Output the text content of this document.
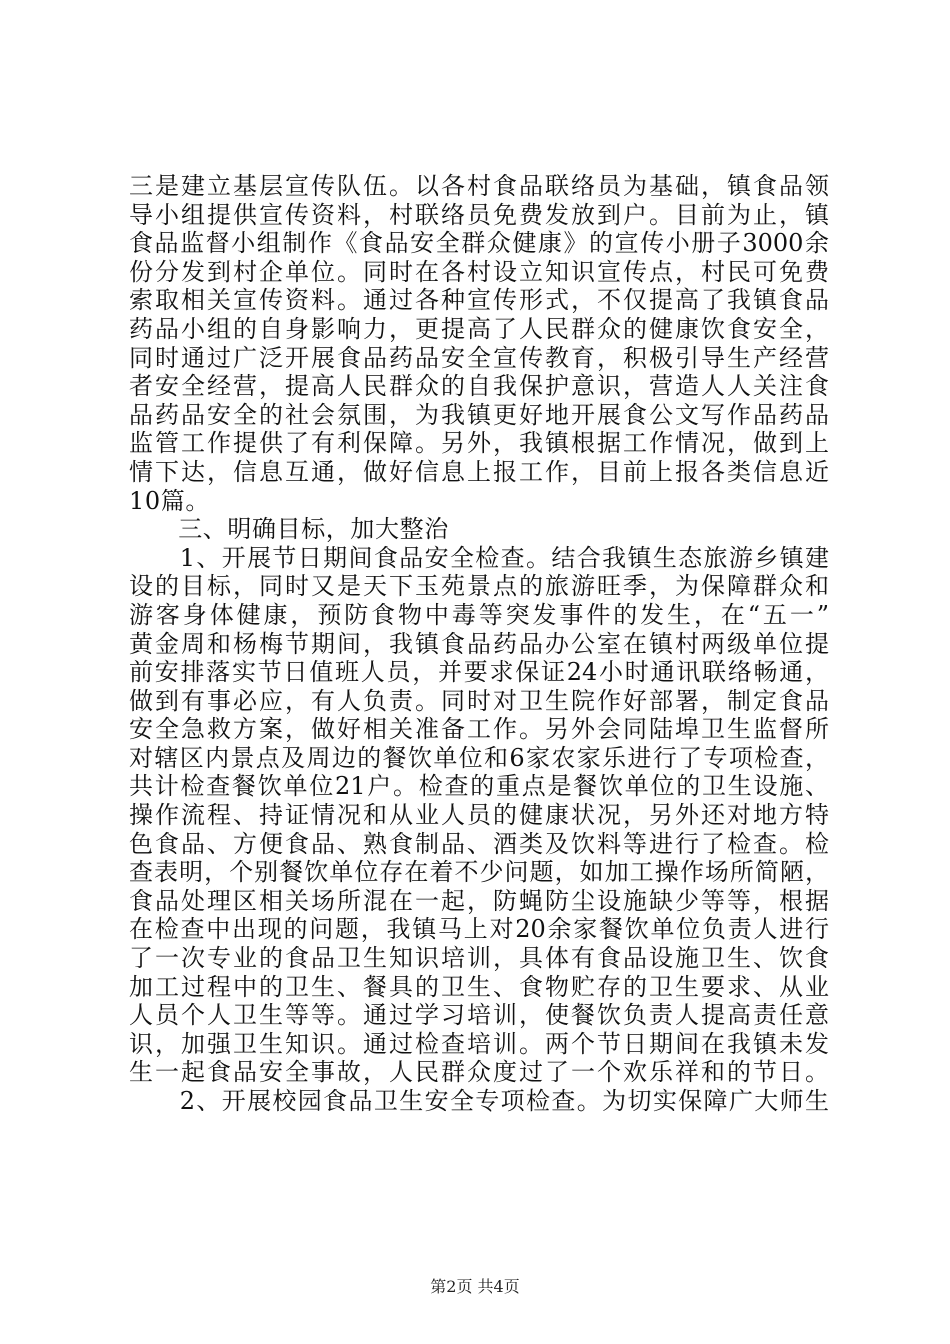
三是建立基层宣传队伍。以各村食品联络员为基础，镇食品领
导小组提供宣传资料，村联络员免费发放到户。目前为止，镇
食品监督小组制作《食品安全群众健康》的宣传小册子3000余
份分发到村企单位。同时在各村设立知识宣传点，村民可免费
索取相关宣传资料。通过各种宣传形式，不仅提高了我镇食品
药品小组的自身影响力，更提高了人民群众的健康饮食安全，
同时通过广泛开展食品药品安全宣传教育，积极引导生产经营
者安全经营，提高人民群众的自我保护意识，营造人人关注食
品药品安全的社会氛围，为我镇更好地开展食公文写作品药品
监管工作提供了有利保障。另外，我镇根据工作情况，做到上
情下达，信息互通，做好信息上报工作，目前上报各类信息近
10篇。
　　三、明确目标，加大整治
　　1、开展节日期间食品安全检查。结合我镇生态旅游乡镇建
设的目标，同时又是天下玉苑景点的旅游旺季，为保障群众和
游客身体健康，预防食物中毒等突发事件的发生，在“五一”
黄金周和杨梅节期间，我镇食品药品办公室在镇村两级单位提
前安排落实节日值班人员，并要求保证24小时通讯联络畅通，
做到有事必应，有人负责。同时对卫生院作好部署，制定食品
安全急救方案，做好相关准备工作。另外会同陆埠卫生监督所
对辖区内景点及周边的餐饮单位和6家农家乐进行了专项检查，
共计检查餐饮单位21户。检查的重点是餐饮单位的卫生设施、
操作流程、持证情况和从业人员的健康状况，另外还对地方特
色食品、方便食品、熟食制品、酒类及饮料等进行了检查。检
查表明，个别餐饮单位存在着不少问题，如加工操作场所简陋，
食品处理区相关场所混在一起，防蝇防尘设施缺少等等，根据
在检查中出现的问题，我镇马上对20余家餐饮单位负责人进行
了一次专业的食品卫生知识培训，具体有食品设施卫生、饮食
加工过程中的卫生、餐具的卫生、食物贮存的卫生要求、从业
人员个人卫生等等。通过学习培训，使餐饮负责人提高责任意
识，加强卫生知识。通过检查培训。两个节日期间在我镇未发
生一起食品安全事故，人民群众度过了一个欢乐祥和的节日。
　　2、开展校园食品卫生安全专项检查。为切实保障广大师生
第2页 共4页
